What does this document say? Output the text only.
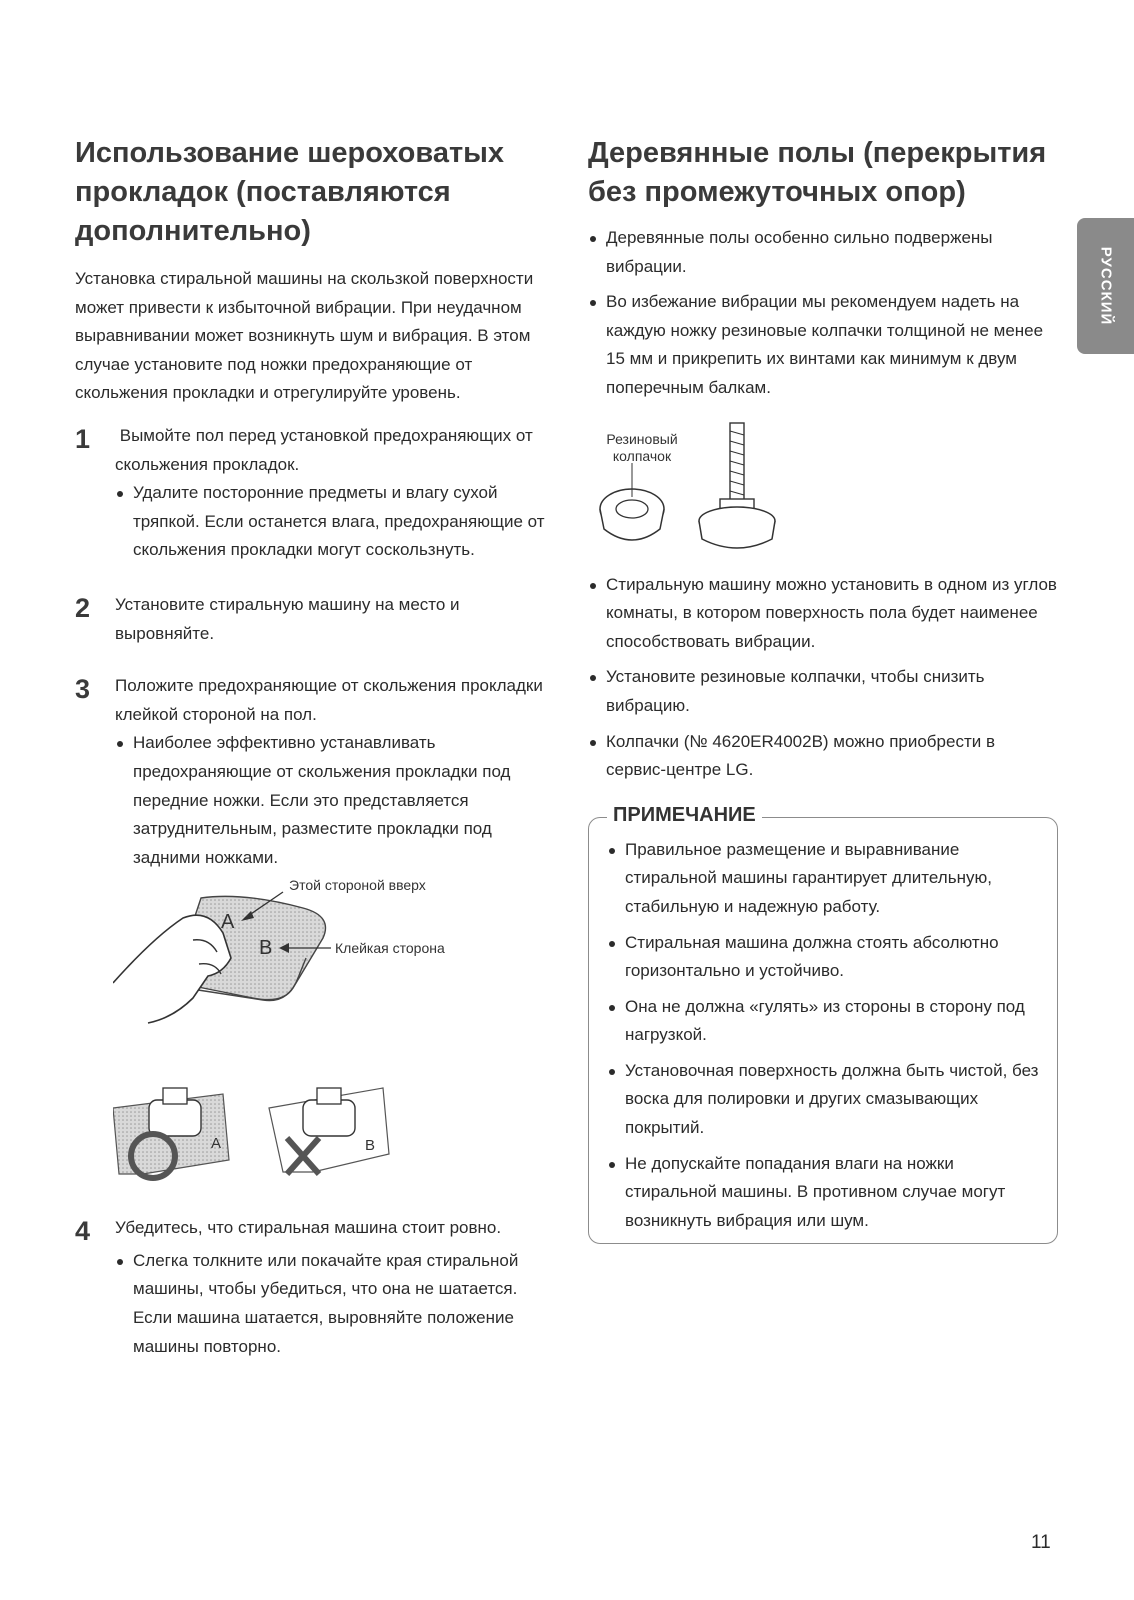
РУССКИЙ
Использование шероховатых прокладок (поставляются дополнительно)
Установка стиральной машины на скользкой поверхности может привести к избыточной вибрации. При неудачном выравнивании может возникнуть шум и вибрация. В этом случае установите под ножки предохраняющие от скольжения прокладки и отрегулируйте уровень.
1 Вымойте пол перед установкой предохраняющих от скольжения прокладок.
Удалите посторонние предметы и влагу сухой тряпкой. Если останется влага, предохраняющие от скольжения прокладки могут соскользнуть.
2 Установите стиральную машину на место и выровняйте.
3 Положите предохраняющие от скольжения прокладки клейкой стороной на пол.
Наиболее эффективно устанавливать предохраняющие от скольжения прокладки под передние ножки. Если это представляется затруднительным, разместите прокладки под задними ножками.
A
B
Этой стороной вверх
Клейкая сторона
A	B
4 Убедитесь, что стиральная машина стоит ровно.
Слегка толкните или покачайте края стиральной машины, чтобы убедиться, что она не шатается. Если машина шатается, выровняйте положение машины повторно.
Деревянные полы (перекрытия без промежуточных опор)
Деревянные полы особенно сильно подвержены вибрации.
Во избежание вибрации мы рекомендуем надеть на каждую ножку резиновые колпачки толщиной не менее 15 мм и прикрепить их винтами как минимум к двум поперечным балкам.
Резиновый колпачок
Стиральную машину можно установить в одном из углов комнаты, в котором поверхность пола будет наименее способствовать вибрации.
Установите резиновые колпачки, чтобы снизить вибрацию.
Колпачки (№ 4620ER4002B) можно приобрести в сервис-центре LG.
ПРИМЕЧАНИЕ
Правильное размещение и выравнивание стиральной машины гарантирует длительную, стабильную и надежную работу.
Стиральная машина должна стоять абсолютно горизонтально и устойчиво.
Она не должна «гулять» из стороны в сторону под нагрузкой.
Установочная поверхность должна быть чистой, без воска для полировки и других смазывающих покрытий.
Не допускайте попадания влаги на ножки стиральной машины. В противном случае могут возникнуть вибрация или шум.
11
